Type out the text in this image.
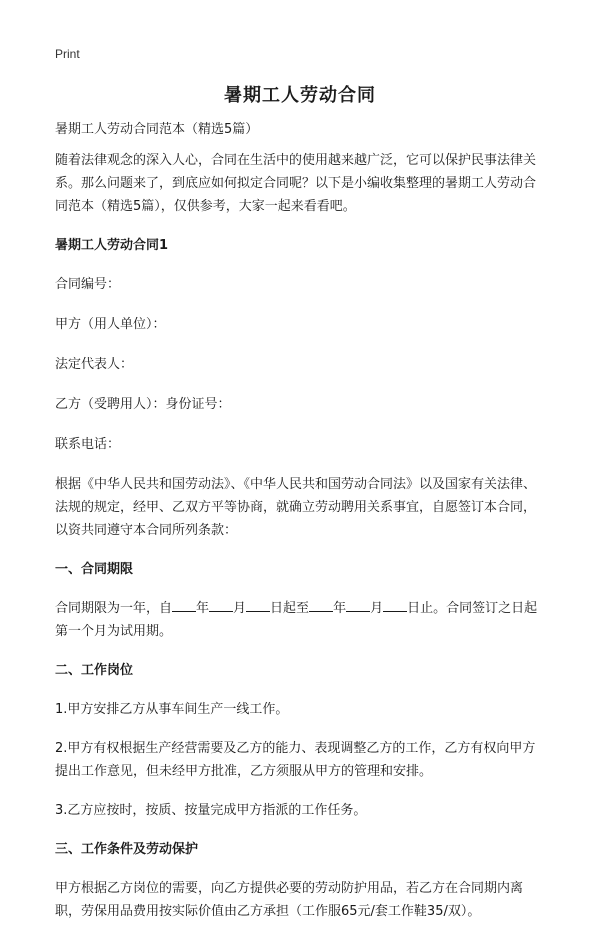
Print
暑期工人劳动合同

暑期工人劳动合同范本（精选5篇）

随着法律观念的深入人心，合同在生活中的使用越来越广泛，它可以保护民事法律关系。那么问题来了，到底应如何拟定合同呢？以下是小编收集整理的暑期工人劳动合同范本（精选5篇），仅供参考，大家一起来看看吧。

暑期工人劳动合同1

合同编号：

甲方（用人单位）：

法定代表人：

乙方（受聘用人）：身份证号：

联系电话：

根据《中华人民共和国劳动法》、《中华人民共和国劳动合同法》以及国家有关法律、法规的规定，经甲、乙双方平等协商，就确立劳动聘用关系事宜，自愿签订本合同，以资共同遵守本合同所列条款：

一、合同期限

合同期限为一年，自 年 月 日起至 年 月 日止。合同签订之日起第一个月为试用期。

二、工作岗位

1.甲方安排乙方从事车间生产一线工作。

2.甲方有权根据生产经营需要及乙方的能力、表现调整乙方的工作，乙方有权向甲方提出工作意见，但未经甲方批准，乙方须服从甲方的管理和安排。

3.乙方应按时，按质、按量完成甲方指派的工作任务。

三、工作条件及劳动保护

甲方根据乙方岗位的需要，向乙方提供必要的劳动防护用品，若乙方在合同期内离职，劳保用品费用按实际价值由乙方承担（工作服65元/套工作鞋35/双）。
